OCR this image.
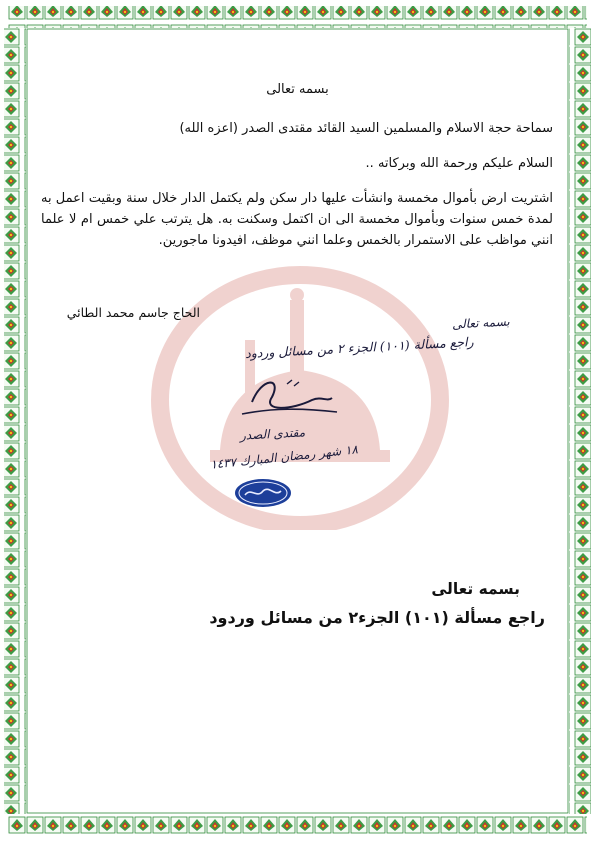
بسمه تعالى
سماحة حجة الاسلام والمسلمين السيد القائد مقتدى الصدر (اعزه الله)
السلام عليكم ورحمة الله وبركاته ..
اشتريت ارض بأموال مخمسة وانشأت عليها دار سكن ولم يكتمل الدار خلال سنة وبقيت اعمل به لمدة خمس سنوات وبأموال مخمسة الى ان اكتمل وسكنت به. هل يترتب علي خمس ام لا علما انني مواظب على الاستمرار بالخمس وعلما انني موظف، افيدونا ماجورين.
الحاج جاسم محمد الطائي
بسمه تعالى
راجع مسألة (١٠١) الجزء ٢ من مسائل وردود
مقتدى الصدر
١٨ شهر رمضان المبارك ١٤٣٧
بسمه تعالى
راجع مسألة (١٠١) الجزء٢ من مسائل وردود
